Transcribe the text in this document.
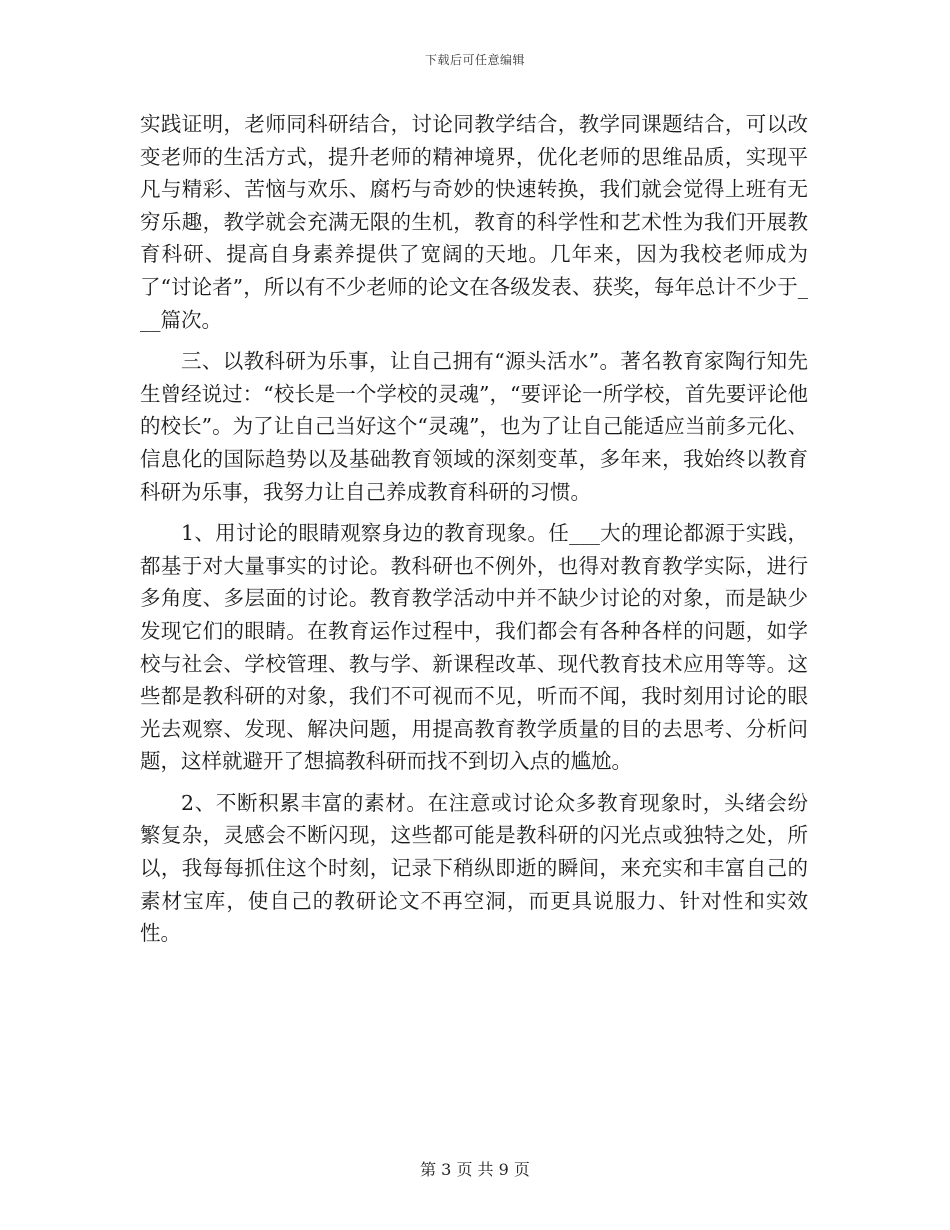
下载后可任意编辑

实践证明，老师同科研结合，讨论同教学结合，教学同课题结合，可以改变老师的生活方式，提升老师的精神境界，优化老师的思维品质，实现平凡与精彩、苦恼与欢乐、腐朽与奇妙的快速转换，我们就会觉得上班有无穷乐趣，教学就会充满无限的生机，教育的科学性和艺术性为我们开展教育科研、提高自身素养提供了宽阔的天地。几年来，因为我校老师成为了“讨论者”，所以有不少老师的论文在各级发表、获奖，每年总计不少于___篇次。

三、以教科研为乐事，让自己拥有“源头活水”。著名教育家陶行知先生曾经说过：“校长是一个学校的灵魂”，“要评论一所学校，首先要评论他的校长”。为了让自己当好这个“灵魂”，也为了让自己能适应当前多元化、信息化的国际趋势以及基础教育领域的深刻变革，多年来，我始终以教育科研为乐事，我努力让自己养成教育科研的习惯。

1、用讨论的眼睛观察身边的教育现象。任___大的理论都源于实践，都基于对大量事实的讨论。教科研也不例外，也得对教育教学实际，进行多角度、多层面的讨论。教育教学活动中并不缺少讨论的对象，而是缺少发现它们的眼睛。在教育运作过程中，我们都会有各种各样的问题，如学校与社会、学校管理、教与学、新课程改革、现代教育技术应用等等。这些都是教科研的对象，我们不可视而不见，听而不闻，我时刻用讨论的眼光去观察、发现、解决问题，用提高教育教学质量的目的去思考、分析问题，这样就避开了想搞教科研而找不到切入点的尴尬。

2、不断积累丰富的素材。在注意或讨论众多教育现象时，头绪会纷繁复杂，灵感会不断闪现，这些都可能是教科研的闪光点或独特之处，所以，我每每抓住这个时刻，记录下稍纵即逝的瞬间，来充实和丰富自己的素材宝库，使自己的教研论文不再空洞，而更具说服力、针对性和实效性。

第 3 页 共 9 页
